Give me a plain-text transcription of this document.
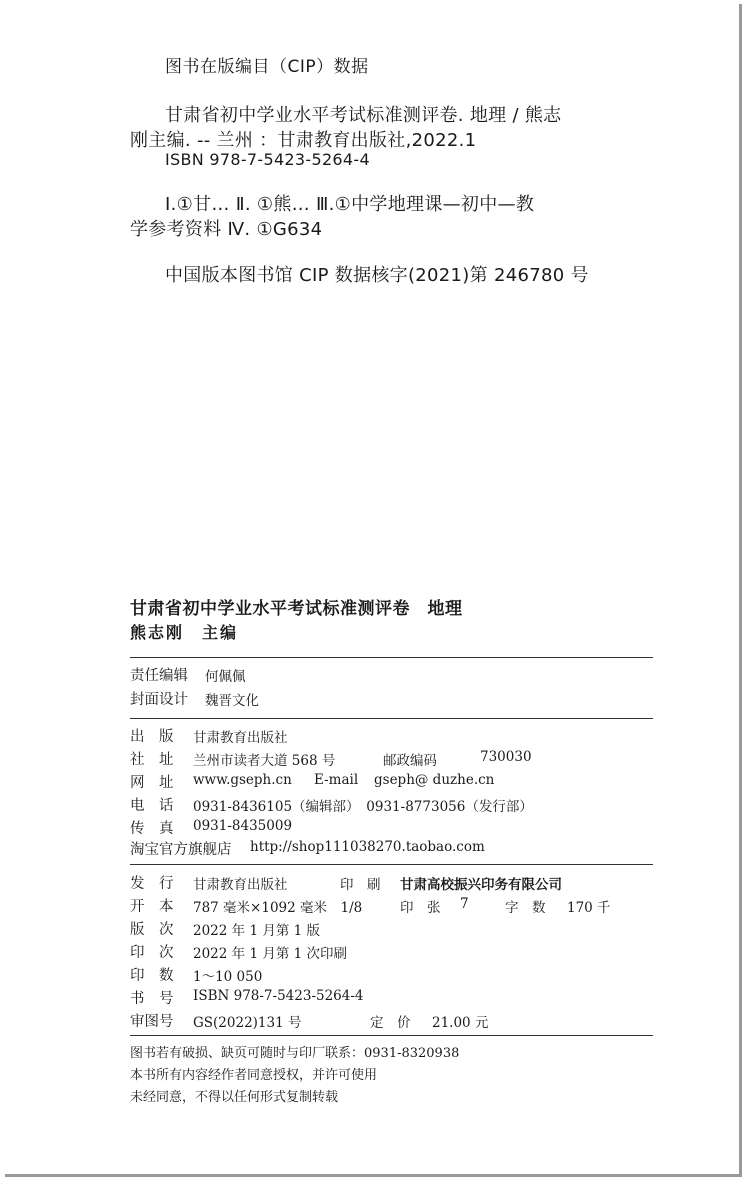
图书在版编目（CIP）数据
甘肃省初中学业水平考试标准测评卷. 地理 / 熊志
刚主编. -- 兰州 ：甘肃教育出版社,2022.1
ISBN 978-7-5423-5264-4
Ⅰ.①甘… Ⅱ. ①熊… Ⅲ.①中学地理课—初中—教
学参考资料 Ⅳ. ①G634
中国版本图书馆 CIP 数据核字(2021)第 246780 号
甘肃省初中学业水平考试标准测评卷　地理
熊志刚　主编
责任编辑 何佩佩
封面设计 魏晋文化
出　版 甘肃教育出版社
社　址 兰州市读者大道 568 号	邮政编码	730030
网　址 www.gseph.cn E-mail gseph@ duzhe.cn
电　话 0931-8436105（编辑部）　0931-8773056（发行部）
传　真 0931-8435009
淘宝官方旗舰店 http://shop111038270.taobao.com
发　行 甘肃教育出版社	印　刷 甘肃高校振兴印务有限公司
开　本 787 毫米×1092 毫米　1/8	印　张 7	字　数 170 千
版　次 2022 年 1 月第 1 版
印　次 2022 年 1 月第 1 次印刷
印　数 1～10 050
书　号 ISBN 978-7-5423-5264-4
审图号 GS(2022)131 号	定　价 21.00 元
图书若有破损、缺页可随时与印厂联系：0931-8320938
本书所有内容经作者同意授权，并许可使用
未经同意，不得以任何形式复制转载
